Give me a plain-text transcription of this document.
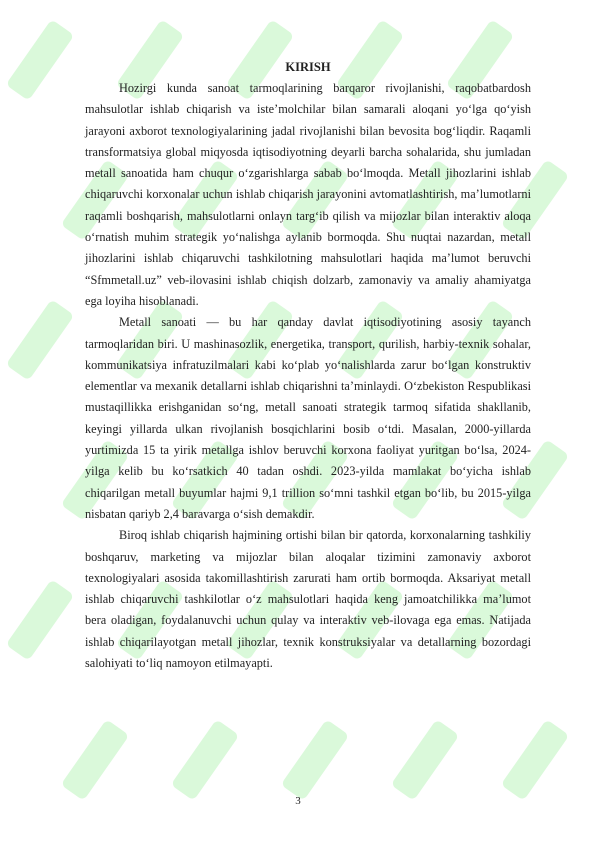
KIRISH

Hozirgi kunda sanoat tarmoqlarining barqaror rivojlanishi, raqobatbardosh mahsulotlar ishlab chiqarish va iste’molchilar bilan samarali aloqani yo‘lga qo‘yish jarayoni axborot texnologiyalarining jadal rivojlanishi bilan bevosita bog‘liqdir. Raqamli transformatsiya global miqyosda iqtisodiyotning deyarli barcha sohalarida, shu jumladan metall sanoatida ham chuqur o‘zgarishlarga sabab bo‘lmoqda. Metall jihozlarini ishlab chiqaruvchi korxonalar uchun ishlab chiqarish jarayonini avtomatlashtirish, ma’lumotlarni raqamli boshqarish, mahsulotlarni onlayn targ‘ib qilish va mijozlar bilan interaktiv aloqa o‘rnatish muhim strategik yo‘nalishga aylanib bormoqda. Shu nuqtai nazardan, metall jihozlarini ishlab chiqaruvchi tashkilotning mahsulotlari haqida ma’lumot beruvchi “Sfmmetall.uz” veb-ilovasini ishlab chiqish dolzarb, zamonaviy va amaliy ahamiyatga ega loyiha hisoblanadi.

Metall sanoati — bu har qanday davlat iqtisodiyotining asosiy tayanch tarmoqlaridan biri. U mashinasozlik, energetika, transport, qurilish, harbiy-texnik sohalar, kommunikatsiya infratuzilmalari kabi ko‘plab yo‘nalishlarda zarur bo‘lgan konstruktiv elementlar va mexanik detallarni ishlab chiqarishni ta’minlaydi. O‘zbekiston Respublikasi mustaqillikka erishganidan so‘ng, metall sanoati strategik tarmoq sifatida shakllanib, keyingi yillarda ulkan rivojlanish bosqichlarini bosib o‘tdi. Masalan, 2000-yillarda yurtimizda 15 ta yirik metallga ishlov beruvchi korxona faoliyat yuritgan bo‘lsa, 2024-yilga kelib bu ko‘rsatkich 40 tadan oshdi. 2023-yilda mamlakat bo‘yicha ishlab chiqarilgan metall buyumlar hajmi 9,1 trillion so‘mni tashkil etgan bo‘lib, bu 2015-yilga nisbatan qariyb 2,4 baravarga o‘sish demakdir.

Biroq ishlab chiqarish hajmining ortishi bilan bir qatorda, korxonalarning tashkiliy boshqaruv, marketing va mijozlar bilan aloqalar tizimini zamonaviy axborot texnologiyalari asosida takomillashtirish zarurati ham ortib bormoqda. Aksariyat metall ishlab chiqaruvchi tashkilotlar o‘z mahsulotlari haqida keng jamoatchilikka ma’lumot bera oladigan, foydalanuvchi uchun qulay va interaktiv veb-ilovaga ega emas. Natijada ishlab chiqarilayotgan metall jihozlar, texnik konstruksiyalar va detallarning bozordagi salohiyati to‘liq namoyon etilmayapti.

3
